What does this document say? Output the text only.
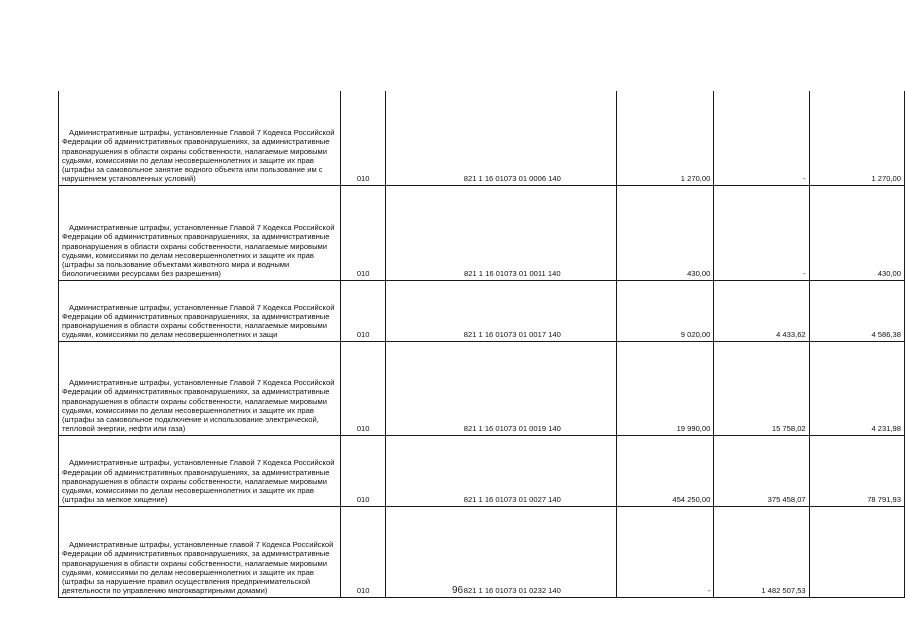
Административные штрафы, установленные Главой 7 Кодекса Российской Федерации об административных правонарушениях, за административные правонарушения в области охраны собственности, налагаемые мировыми судьями, комиссиями по делам несовершеннолетних и защите их прав (штрафы за самовольное занятие водного объекта или пользование им с нарушением установленных условий)	010	821 1 16 01073 01 0006 140	1 270,00	-	1 270,00

Административные штрафы, установленные Главой 7 Кодекса Российской Федерации об административных правонарушениях, за административные правонарушения в области охраны собственности, налагаемые мировыми судьями, комиссиями по делам несовершеннолетних и защите их прав (штрафы за пользование объектами животного мира и водными биологическими ресурсами без разрешения)	010	821 1 16 01073 01 0011 140	430,00	-	430,00

Административные штрафы, установленные Главой 7 Кодекса Российской Федерации об административных правонарушениях, за административные правонарушения в области охраны собственности, налагаемые мировыми судьями, комиссиями по делам несовершеннолетних и защи	010	821 1 16 01073 01 0017 140	9 020,00	4 433,62	4 586,38

Административные штрафы, установленные Главой 7 Кодекса Российской Федерации об административных правонарушениях, за административные правонарушения в области охраны собственности, налагаемые мировыми судьями, комиссиями по делам несовершеннолетних и защите их прав (штрафы за самовольное подключение и использование электрической, тепловой энергии, нефти или газа)	010	821 1 16 01073 01 0019 140	19 990,00	15 758,02	4 231,98

Административные штрафы, установленные Главой 7 Кодекса Российской Федерации об административных правонарушениях, за административные правонарушения в области охраны собственности, налагаемые мировыми судьями, комиссиями по делам несовершеннолетних и защите их прав (штрафы за мелкое хищение)	010	821 1 16 01073 01 0027 140	454 250,00	375 458,07	78 791,93

Административные штрафы, установленные главой 7 Кодекса Российской Федерации об административных правонарушениях, за административные правонарушения в области охраны собственности, налагаемые мировыми судьями, комиссиями по делам несовершеннолетних и защите их прав (штрафы за нарушение правил осуществления предпринимательской деятельности по управлению многоквартирными домами)	010	821 1 16 01073 01 0232 140	-	1 482 507,53	
96
